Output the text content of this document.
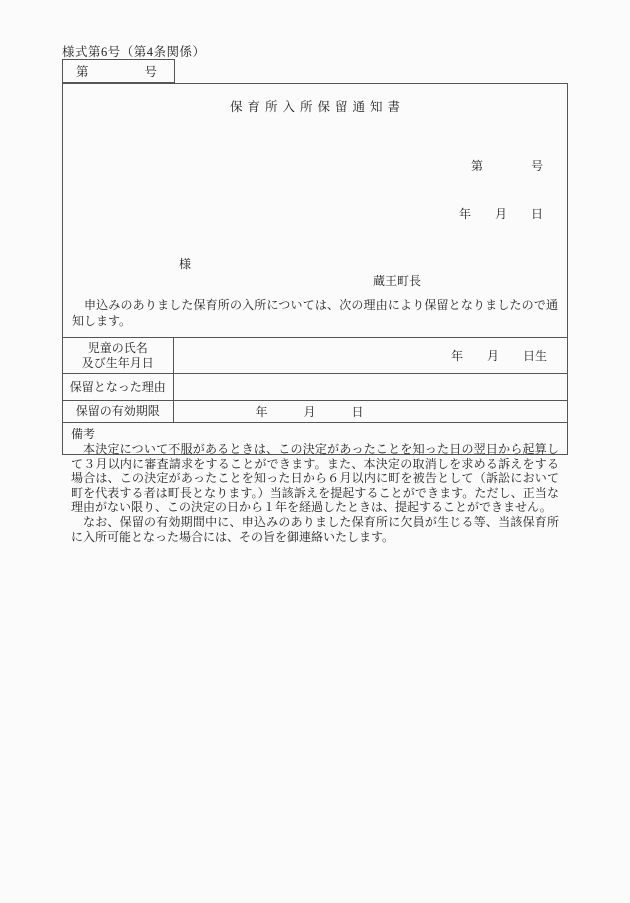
様式第6号（第4条関係）
第	号
保育所入所保留通知書

第　　　　号

年　　月　　日

様
蔵王町長

申込みのありました保育所の入所については、次の理由により保留となりましたので通知します。

児童の氏名
及び生年月日	年　　月　　日生
保留となった理由	
保留の有効期限	年　　　月　　　日
備考

本決定について不服があるときは、この決定があったことを知った日の翌日から起算して３月以内に審査請求をすることができます。また、本決定の取消しを求める訴えをする場合は、この決定があったことを知った日から６月以内に町を被告として（訴訟において町を代表する者は町長となります。）当該訴えを提起することができます。ただし、正当な理由がない限り、この決定の日から１年を経過したときは、提起することができません。

なお、保留の有効期間中に、申込みのありました保育所に欠員が生じる等、当該保育所に入所可能となった場合には、その旨を御連絡いたします。
